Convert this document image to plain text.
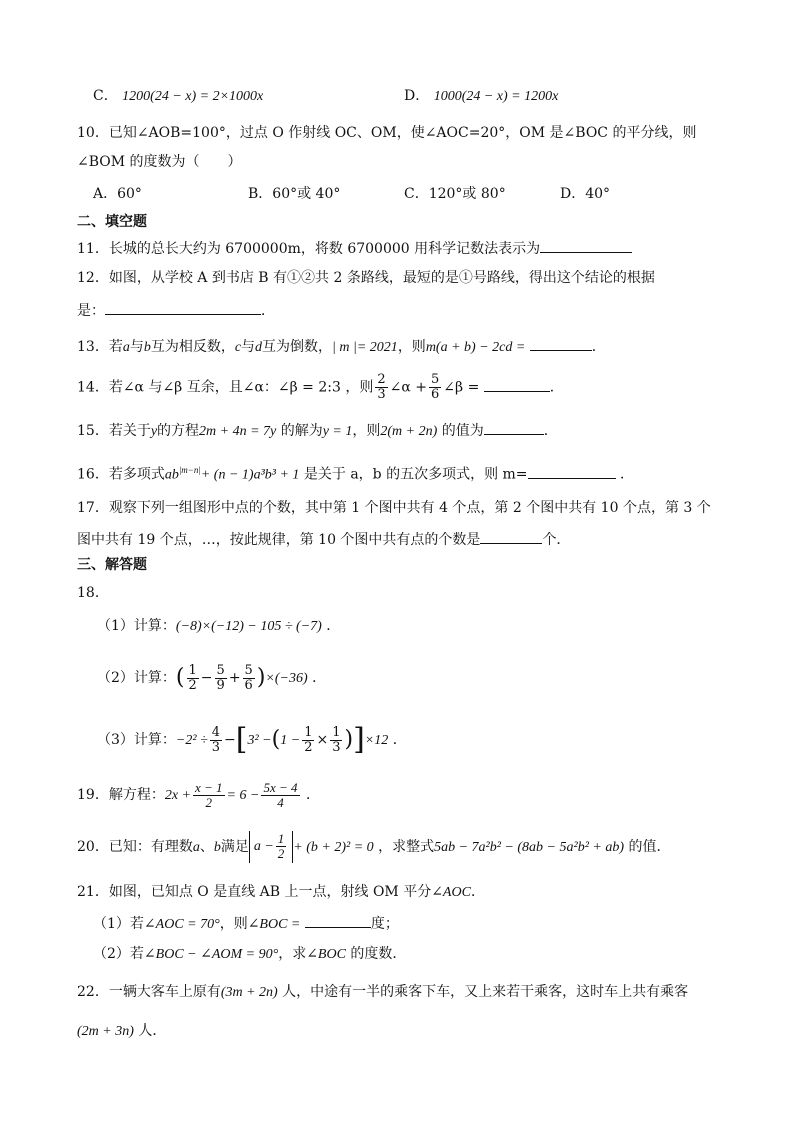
C． 1200(24 − x) = 2×1000x	D． 1000(24 − x) = 1200x
10．已知∠AOB=100°，过点 O 作射线 OC、OM，使∠AOC=20°，OM 是∠BOC 的平分线，则
∠BOM 的度数为（　　）
A．60°	B．60°或 40°	C．120°或 80°	D．40°
二、填空题
11．长城的总长大约为 6700000m，将数 6700000 用科学记数法表示为
12．如图，从学校 A 到书店 B 有①②共 2 条路线，最短的是①号路线，得出这个结论的根据
是：	．
13．若a与b互为相反数，c与d互为倒数，| m |= 2021，则m(a + b) − 2cd =	．
14．若∠α 与∠β 互余，且∠α：∠β = 2:3 ，则 $\frac{2}{3}$ ∠α + $\frac{5}{6}$ ∠β =	．
15．若关于y的方程2m + 4n = 7y 的解为y = 1，则2(m + 2n) 的值为	．
16．若多项式$ab^{|m-n|}+ (n - 1)a^3b^3 + 1$ 是关于 a，b 的五次多项式，则 m=	．
17．观察下列一组图形中点的个数，其中第 1 个图中共有 4 个点，第 2 个图中共有 10 个点，第 3 个
图中共有 19 个点，…，按此规律，第 10 个图中共有点的个数是	个．
三、解答题
18．
（1）计算：(−8)×(−12) − 105 ÷ (−7) ．
（2）计算：( $\frac{1}{2} - \frac{5}{9} + \frac{5}{6} )\times(-36)$ ．
（3）计算：$-2^2 \div \frac{4}{3} -[3^2 -(1 - \frac{1}{2} \times \frac{1}{3} )]\times 12$ ．
19．解方程：$2x + \frac{x - 1}{2} = 6 - \frac{5x - 4}{4}$ ．
20．已知：有理数a、b满足 $a - \frac{1}{2} + (b + 2)^2 = 0$ ，求整式5ab − 7a²b² − (8ab − 5a²b² + ab) 的值．
21．如图，已知点 O 是直线 AB 上一点，射线 OM 平分∠AOC．
（1）若∠AOC = 70°，则∠BOC =	度；
（2）若∠BOC − ∠AOM = 90°，求∠BOC 的度数．
22．一辆大客车上原有(3m + 2n) 人，中途有一半的乘客下车，又上来若干乘客，这时车上共有乘客
(2m + 3n) 人．
